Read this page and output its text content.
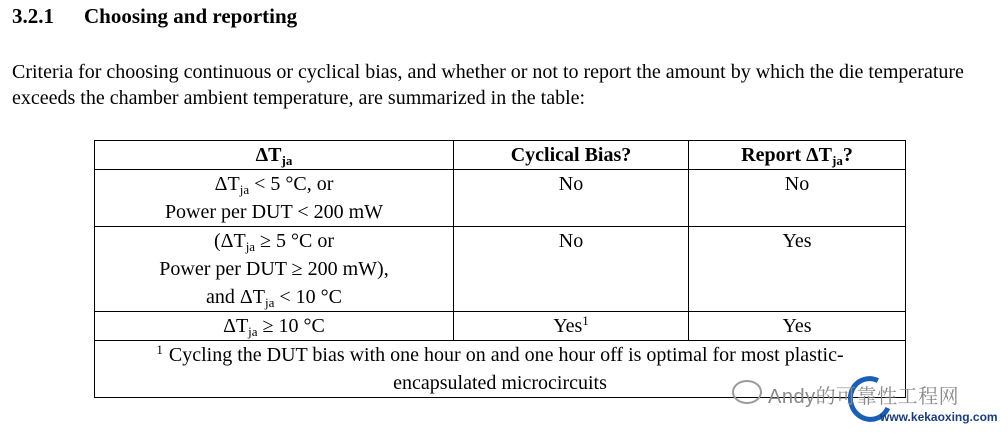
3.2.1 Choosing and reporting
Criteria for choosing continuous or cyclical bias, and whether or not to report the amount by which the die temperature exceeds the chamber ambient temperature, are summarized in the table:
$\Delta T_{ja}$	Cyclical Bias?	Report $\Delta T_{ja}$?

$\Delta T_{ja} < 5$ °C, or
Power per DUT < 200 mW	No	No

($\Delta T_{ja} \ge 5$ °C or
Power per DUT ≥ 200 mW),
and $\Delta T_{ja} < 10$ °C	No	Yes

$\Delta T_{ja} \ge 10$ °C	Yes$^1$	Yes

$^1$ Cycling the DUT bias with one hour on and one hour off is optimal for most plastic-
encapsulated microcircuits		
Andy的可靠性工程网
www.kekaoxing.com
